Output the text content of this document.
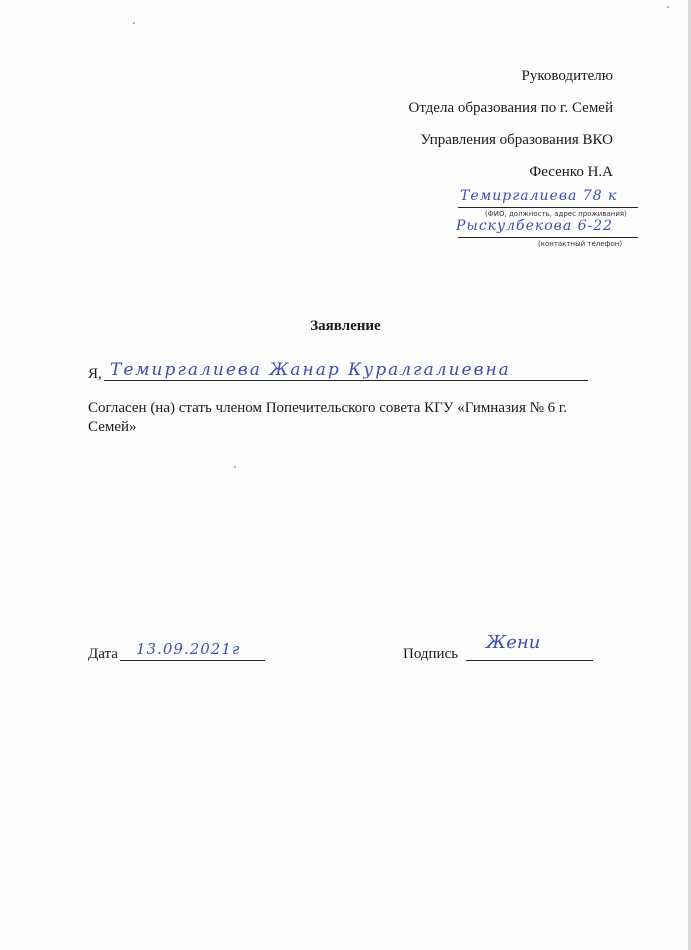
Руководителю
Отдела образования по г. Семей
Управления образования ВКО
Фесенко Н.А
Темиргалиева 78 к
(ФИО, должность, адрес проживания)
Рыскулбекова 6-22
(контактный телефон)
Заявление
Я, Темиргалиева Жанар Куралгалиевна
Согласен (на) стать членом Попечительского совета КГУ «Гимназия № 6 г.
Семей»
Дата 13.09.2021г	Подпись
Жени
